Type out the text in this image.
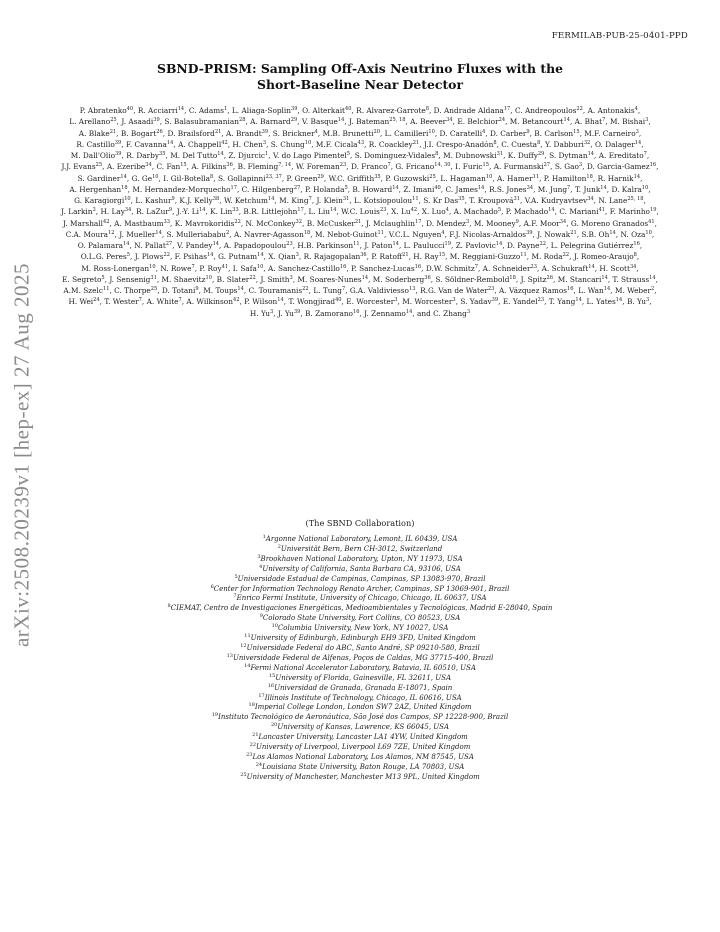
FERMILAB-PUB-25-0401-PPD
arXiv:2508.20239v1 [hep-ex] 27 Aug 2025
SBND-PRISM: Sampling Off-Axis Neutrino Fluxes with the
Short-Baseline Near Detector
P. Abratenko$^{40}$, R. Acciarri$^{14}$, C. Adams$^1$, L. Aliaga-Soplin$^{39}$, O. Alterkait$^{40}$, R. Alvarez-Garrote$^8$, D. Andrade Aldana$^{17}$, C. Andreopoulos$^{22}$, A. Antonakis$^4$, L. Arellano$^{25}$, J. Asaadi$^{39}$, S. Balasubramanian$^{28}$, A. Barnard$^{29}$, V. Basque$^{14}$, J. Bateman$^{25, 18}$, A. Beever$^{34}$, E. Belchior$^{24}$, M. Betancourt$^{14}$, A. Bhat$^7$, M. Bishai$^3$, A. Blake$^{21}$, B. Bogart$^{26}$, D. Brailsford$^{21}$, A. Brandt$^{39}$, S. Brickner$^4$, M.B. Brunetti$^{20}$, L. Camilleri$^{10}$, D. Caratelli$^4$, D. Carber$^9$, B. Carlson$^{15}$, M.F. Carneiro$^3$, R. Castillo$^{39}$, F. Cavanna$^{14}$, A. Chappell$^{42}$, H. Chen$^3$, S. Chung$^{10}$, M.F. Cicala$^{43}$, R. Coackley$^{21}$, J.I. Crespo-Anadón$^8$, C. Cuesta$^8$, Y. Dabburi$^{32}$, O. Dalager$^{14}$, M. Dall'Olio$^{39}$, R. Darby$^{35}$, M. Del Tutto$^{14}$, Z. Djurcic$^1$, V. do Lago Pimentel$^5$, S. Dominguez-Vidales$^8$, M. Dubnowski$^{31}$, K. Duffy$^{29}$, S. Dytman$^{14}$, A. Ereditato$^7$, J.J. Evans$^{25}$, A. Ezeribe$^{34}$, C. Fan$^{15}$, A. Filkins$^{36}$, B. Fleming$^{7, 14}$, W. Foreman$^{23}$, D. Franco$^7$, G. Fricano$^{14, 30}$, I. Furic$^{15}$, A. Furmanski$^{27}$, S. Gao$^3$, D. Garcia-Gamez$^{16}$, S. Gardiner$^{14}$, G. Ge$^{10}$, I. Gil-Botella$^8$, S. Gollapinni$^{23, 37}$, P. Green$^{29}$, W.C. Griffith$^{35}$, P. Guzowski$^{25}$, L. Hagaman$^{10}$, A. Hamer$^{11}$, P. Hamilton$^{18}$, R. Harnik$^{14}$, A. Hergenhan$^{18}$, M. Hernandez-Morquecho$^{17}$, C. Hilgenberg$^{27}$, P. Holanda$^5$, B. Howard$^{14}$, Z. Imani$^{40}$, C. James$^{14}$, R.S. Jones$^{34}$, M. Jung$^7$, T. Junk$^{14}$, D. Kalra$^{10}$, G. Karagiorgi$^{10}$, L. Kashur$^9$, K.J. Kelly$^{38}$, W. Ketchum$^{14}$, M. King$^7$, J. Klein$^{31}$, L. Kotsiopoulou$^{11}$, S. Kr Das$^{35}$, T. Kroupová$^{31}$, V.A. Kudryavtsev$^{34}$, N. Lane$^{25, 18}$, J. Larkin$^3$, H. Lay$^{34}$, R. LaZur$^9$, J.-Y. Li$^{14}$, K. Lin$^{33}$, B.R. Littlejohn$^{17}$, L. Liu$^{14}$, W.C. Louis$^{23}$, X. Lu$^{42}$, X. Luo$^4$, A. Machado$^5$, P. Machado$^{14}$, C. Mariani$^{41}$, F. Marinho$^{19}$, J. Marshall$^{42}$, A. Mastbaum$^{33}$, K. Mavrokoridis$^{22}$, N. McConkey$^{32}$, B. McCusker$^{21}$, J. Mclaughlin$^{17}$, D. Mendez$^3$, M. Mooney$^9$, A.F. Moor$^{34}$, G. Moreno Granados$^{41}$, C.A. Moura$^{12}$, J. Mueller$^{14}$, S. Mulleriababu$^2$, A. Navrer-Agasson$^{18}$, M. Nebot-Guinot$^{11}$, V.C.L. Nguyen$^4$, F.J. Nicolas-Arnaldos$^{39}$, J. Nowak$^{21}$, S.B. Oh$^{14}$, N. Oza$^{10}$, O. Palamara$^{14}$, N. Pallat$^{27}$, V. Pandey$^{14}$, A. Papadopoulou$^{23}$, H.B. Parkinson$^{11}$, J. Paton$^{14}$, L. Paulucci$^{19}$, Z. Pavlovic$^{14}$, D. Payne$^{22}$, L. Pelegrina Gutiérrez$^{16}$, O.L.G. Peres$^5$, J. Plows$^{22}$, F. Psihas$^{14}$, G. Putnam$^{14}$, X. Qian$^3$, R. Rajagopalan$^{36}$, P. Ratoff$^{21}$, H. Ray$^{15}$, M. Reggiani-Guzzo$^{11}$, M. Roda$^{22}$, J. Romeo-Araujo$^8$, M. Ross-Lonergan$^{10}$, N. Rowe$^7$, P. Roy$^{41}$, I. Safa$^{10}$, A. Sanchez-Castillo$^{16}$, P. Sanchez-Lucas$^{16}$, D.W. Schmitz$^7$, A. Schneider$^{23}$, A. Schukraft$^{14}$, H. Scott$^{34}$, E. Segreto$^5$, J. Sensenig$^{31}$, M. Shaevitz$^{10}$, B. Slater$^{22}$, J. Smith$^3$, M. Soares-Nunes$^{14}$, M. Soderberg$^{36}$, S. Söldner-Rembold$^{18}$, J. Spitz$^{26}$, M. Stancari$^{14}$, T. Strauss$^{14}$, A.M. Szelc$^{11}$, C. Thorpe$^{25}$, D. Totani$^9$, M. Toups$^{14}$, C. Touramanis$^{22}$, L. Tung$^7$, G.A. Valdiviesso$^{13}$, R.G. Van de Water$^{23}$, A. Vázquez Ramos$^{16}$, L. Wan$^{14}$, M. Weber$^2$, H. Wei$^{24}$, T. Wester$^7$, A. White$^7$, A. Wilkinson$^{42}$, P. Wilson$^{14}$, T. Wongjirad$^{40}$, E. Worcester$^3$, M. Worcester$^3$, S. Yadav$^{39}$, E. Yandel$^{23}$, T. Yang$^{14}$, L. Yates$^{14}$, B. Yu$^3$, H. Yu$^3$, J. Yu$^{39}$, B. Zamorano$^{16}$, J. Zennamo$^{14}$, and C. Zhang$^3$
(The SBND Collaboration)
$^1$Argonne National Laboratory, Lemont, IL 60439, USA
$^2$Universität Bern, Bern CH-3012, Switzerland
$^3$Brookhaven National Laboratory, Upton, NY 11973, USA
$^4$University of California, Santa Barbara CA, 93106, USA
$^5$Universidade Estadual de Campinas, Campinas, SP 13083-970, Brazil
$^6$Center for Information Technology Renato Archer, Campinas, SP 13069-901, Brazil
$^7$Enrico Fermi Institute, University of Chicago, Chicago, IL 60637, USA
$^8$CIEMAT, Centro de Investigaciones Energéticas, Medioambientales y Tecnológicas, Madrid E-28040, Spain
$^9$Colorado State University, Fort Collins, CO 80523, USA
$^{10}$Columbia University, New York, NY 10027, USA
$^{11}$University of Edinburgh, Edinburgh EH9 3FD, United Kingdom
$^{12}$Universidade Federal do ABC, Santo André, SP 09210-580, Brazil
$^{13}$Universidade Federal de Alfenas, Poços de Caldas, MG 37715-400, Brazil
$^{14}$Fermi National Accelerator Laboratory, Batavia, IL 60510, USA
$^{15}$University of Florida, Gainesville, FL 32611, USA
$^{16}$Universidad de Granada, Granada E-18071, Spain
$^{17}$Illinois Institute of Technology, Chicago, IL 60616, USA
$^{18}$Imperial College London, London SW7 2AZ, United Kingdom
$^{19}$Instituto Tecnológico de Aeronáutica, São José dos Campos, SP 12228-900, Brazil
$^{20}$University of Kansas, Lawrence, KS 66045, USA
$^{21}$Lancaster University, Lancaster LA1 4YW, United Kingdom
$^{22}$University of Liverpool, Liverpool L69 7ZE, United Kingdom
$^{23}$Los Alamos National Laboratory, Los Alamos, NM 87545, USA
$^{24}$Louisiana State University, Baton Rouge, LA 70803, USA
$^{25}$University of Manchester, Manchester M13 9PL, United Kingdom
